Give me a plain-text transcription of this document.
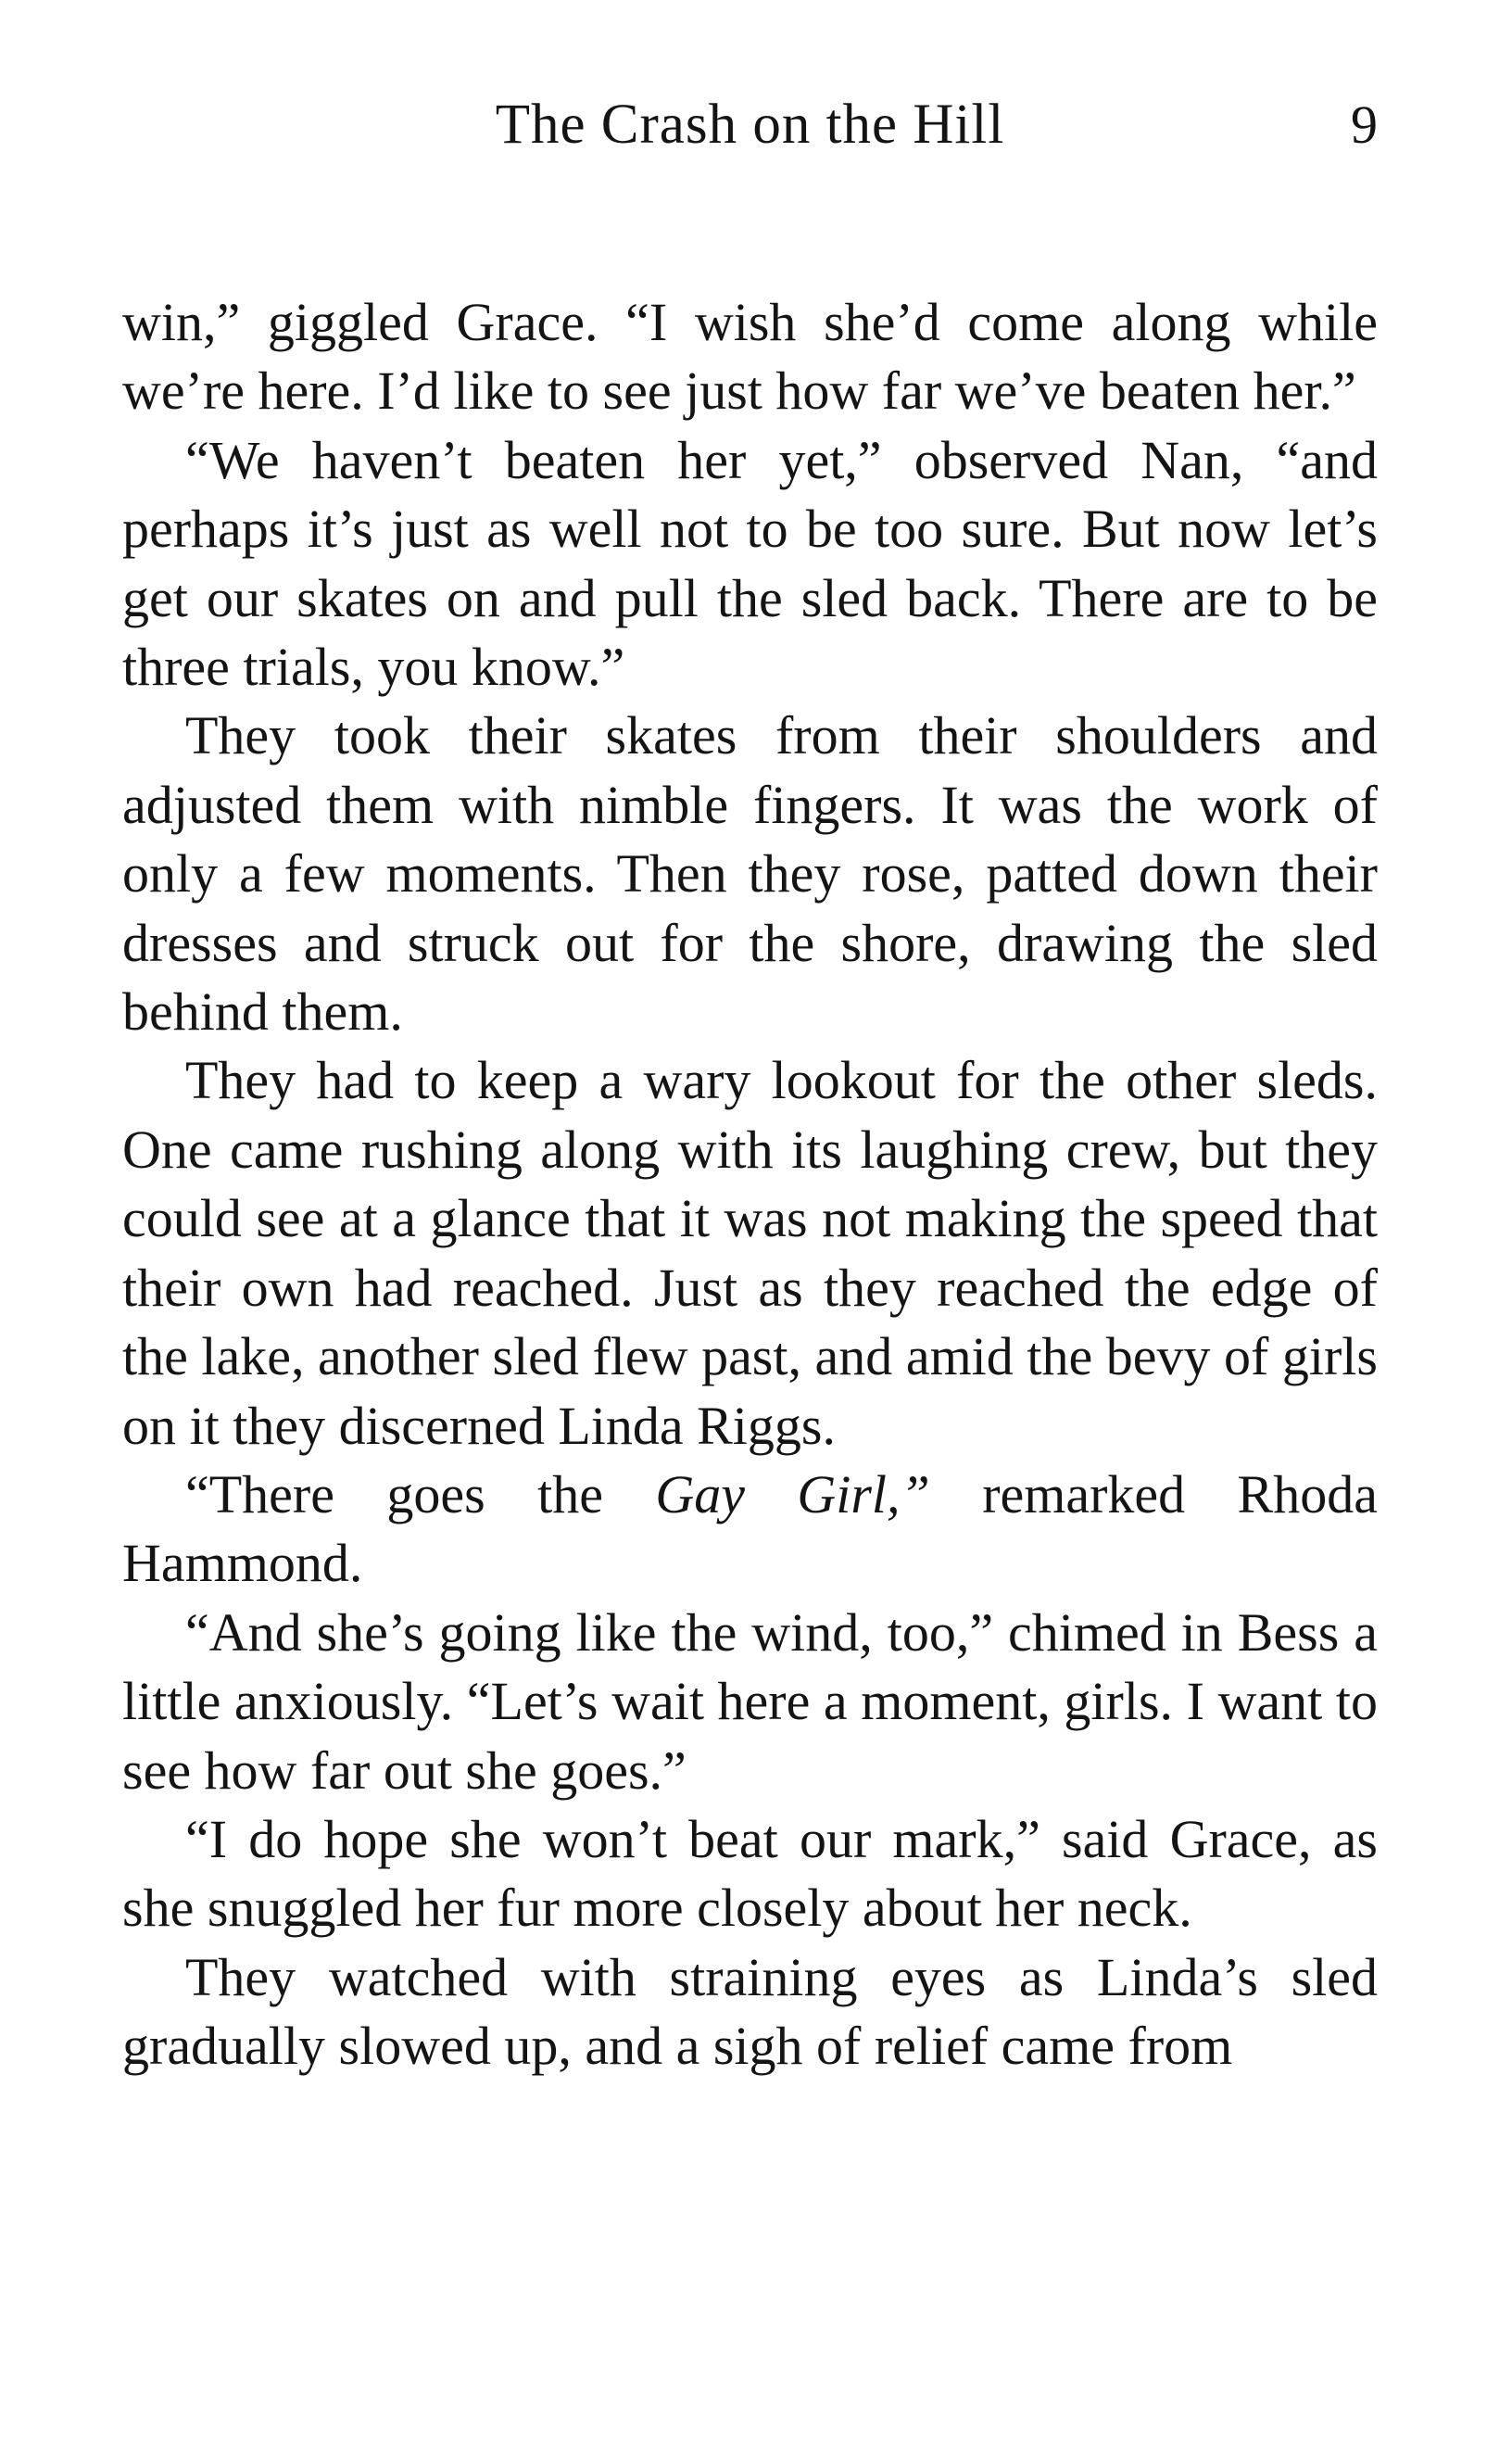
The Crash on the Hill	9

win,” giggled Grace. “I wish she’d come along while we’re here. I’d like to see just how far we’ve beaten her.”

“We haven’t beaten her yet,” observed Nan, “and perhaps it’s just as well not to be too sure. But now let’s get our skates on and pull the sled back. There are to be three trials, you know.”

They took their skates from their shoulders and adjusted them with nimble fingers. It was the work of only a few moments. Then they rose, patted down their dresses and struck out for the shore, drawing the sled behind them.

They had to keep a wary lookout for the other sleds. One came rushing along with its laughing crew, but they could see at a glance that it was not making the speed that their own had reached. Just as they reached the edge of the lake, another sled flew past, and amid the bevy of girls on it they discerned Linda Riggs.

“There goes the Gay Girl,” remarked Rhoda Hammond.

“And she’s going like the wind, too,” chimed in Bess a little anxiously. “Let’s wait here a moment, girls. I want to see how far out she goes.”

“I do hope she won’t beat our mark,” said Grace, as she snuggled her fur more closely about her neck.

They watched with straining eyes as Linda’s sled gradually slowed up, and a sigh of relief came from
